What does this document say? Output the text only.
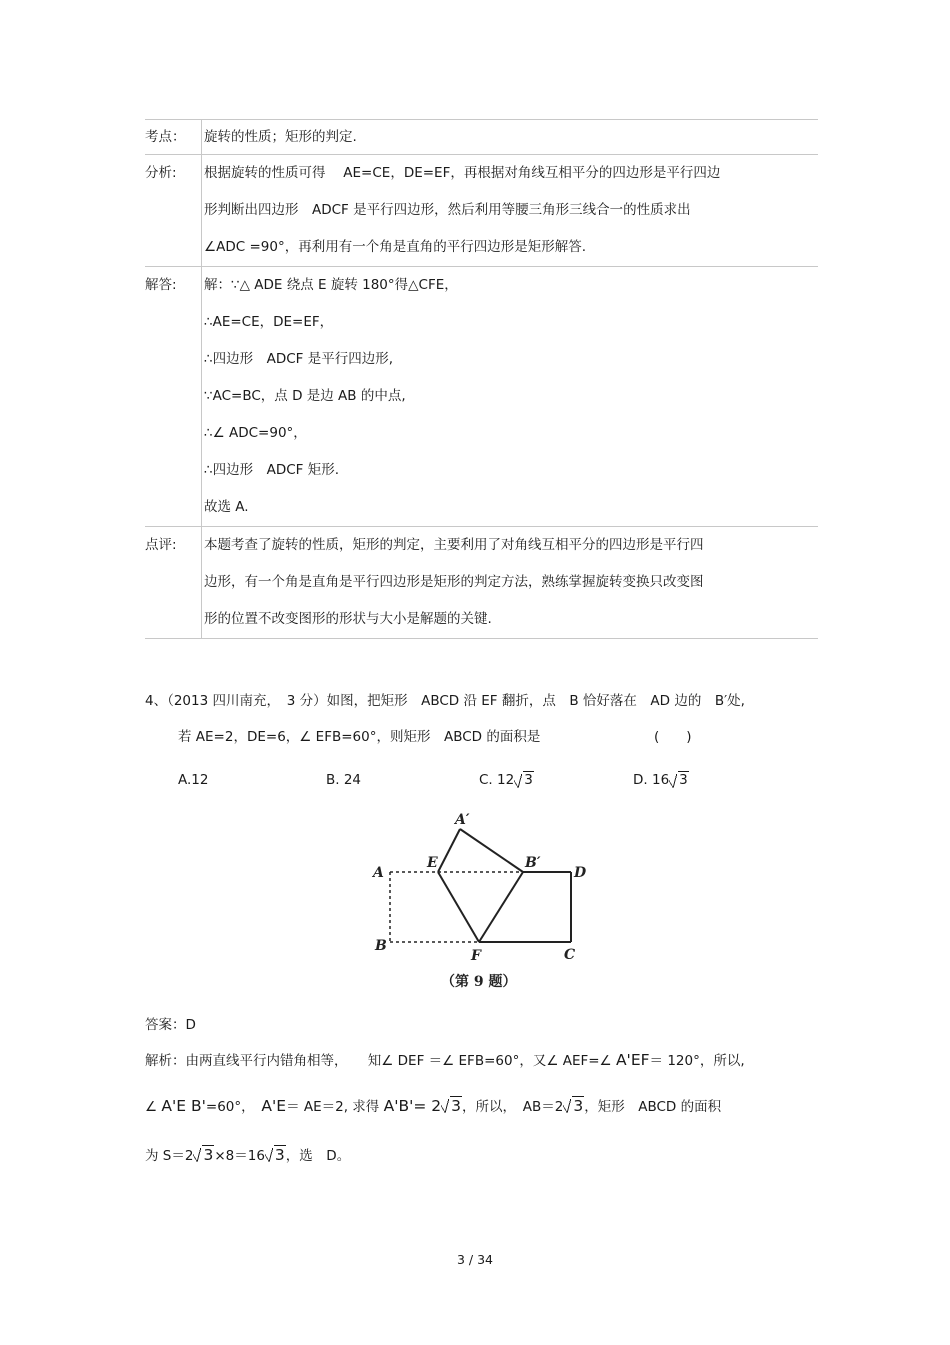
考点：	旋转的性质；矩形的判定.
分析:	根据旋转的性质可得　 AE=CE，DE=EF，再根据对角线互相平分的四边形是平行四边
形判断出四边形　ADCF 是平行四边形，然后利用等腰三角形三线合一的性质求出
∠ADC =90°，再利用有一个角是直角的平行四边形是矩形解答.
解答:	解：∵△ ADE 绕点 E 旋转 180°得△CFE，
∴AE=CE，DE=EF，
∴四边形　ADCF 是平行四边形,
∵AC=BC，点 D 是边 AB 的中点,
∴∠ ADC=90°，
∴四边形　ADCF 矩形.
故选 A.
点评:	本题考查了旋转的性质，矩形的判定，主要利用了对角线互相平分的四边形是平行四
边形，有一个角是直角是平行四边形是矩形的判定方法，熟练掌握旋转变换只改变图
形的位置不改变图形的形状与大小是解题的关键.
4、（2013 四川南充，　3 分）如图，把矩形　ABCD 沿 EF 翻折，点　B 恰好落在　AD 边的　B′处,
若 AE=2，DE=6，∠ EFB=60°，则矩形　ABCD 的面积是	(　　)
A.12	B. 24	C. 12 3	D. 16 3
A′
A
E	B′
D
B
F	C
（第 9 题）
答案：D
解析：由两直线平行内错角相等，　　知∠ DEF ＝∠ EFB=60°，又∠ AEF=∠ A'EF＝ 120°，所以,
∠ A'E B'=60°，　 A'E＝ AE＝2, 求得 A'B'= 2 3，所以，　AB＝2 3，矩形　ABCD 的面积
为 S＝2 3×8＝16 3，选　D。
3 / 34
